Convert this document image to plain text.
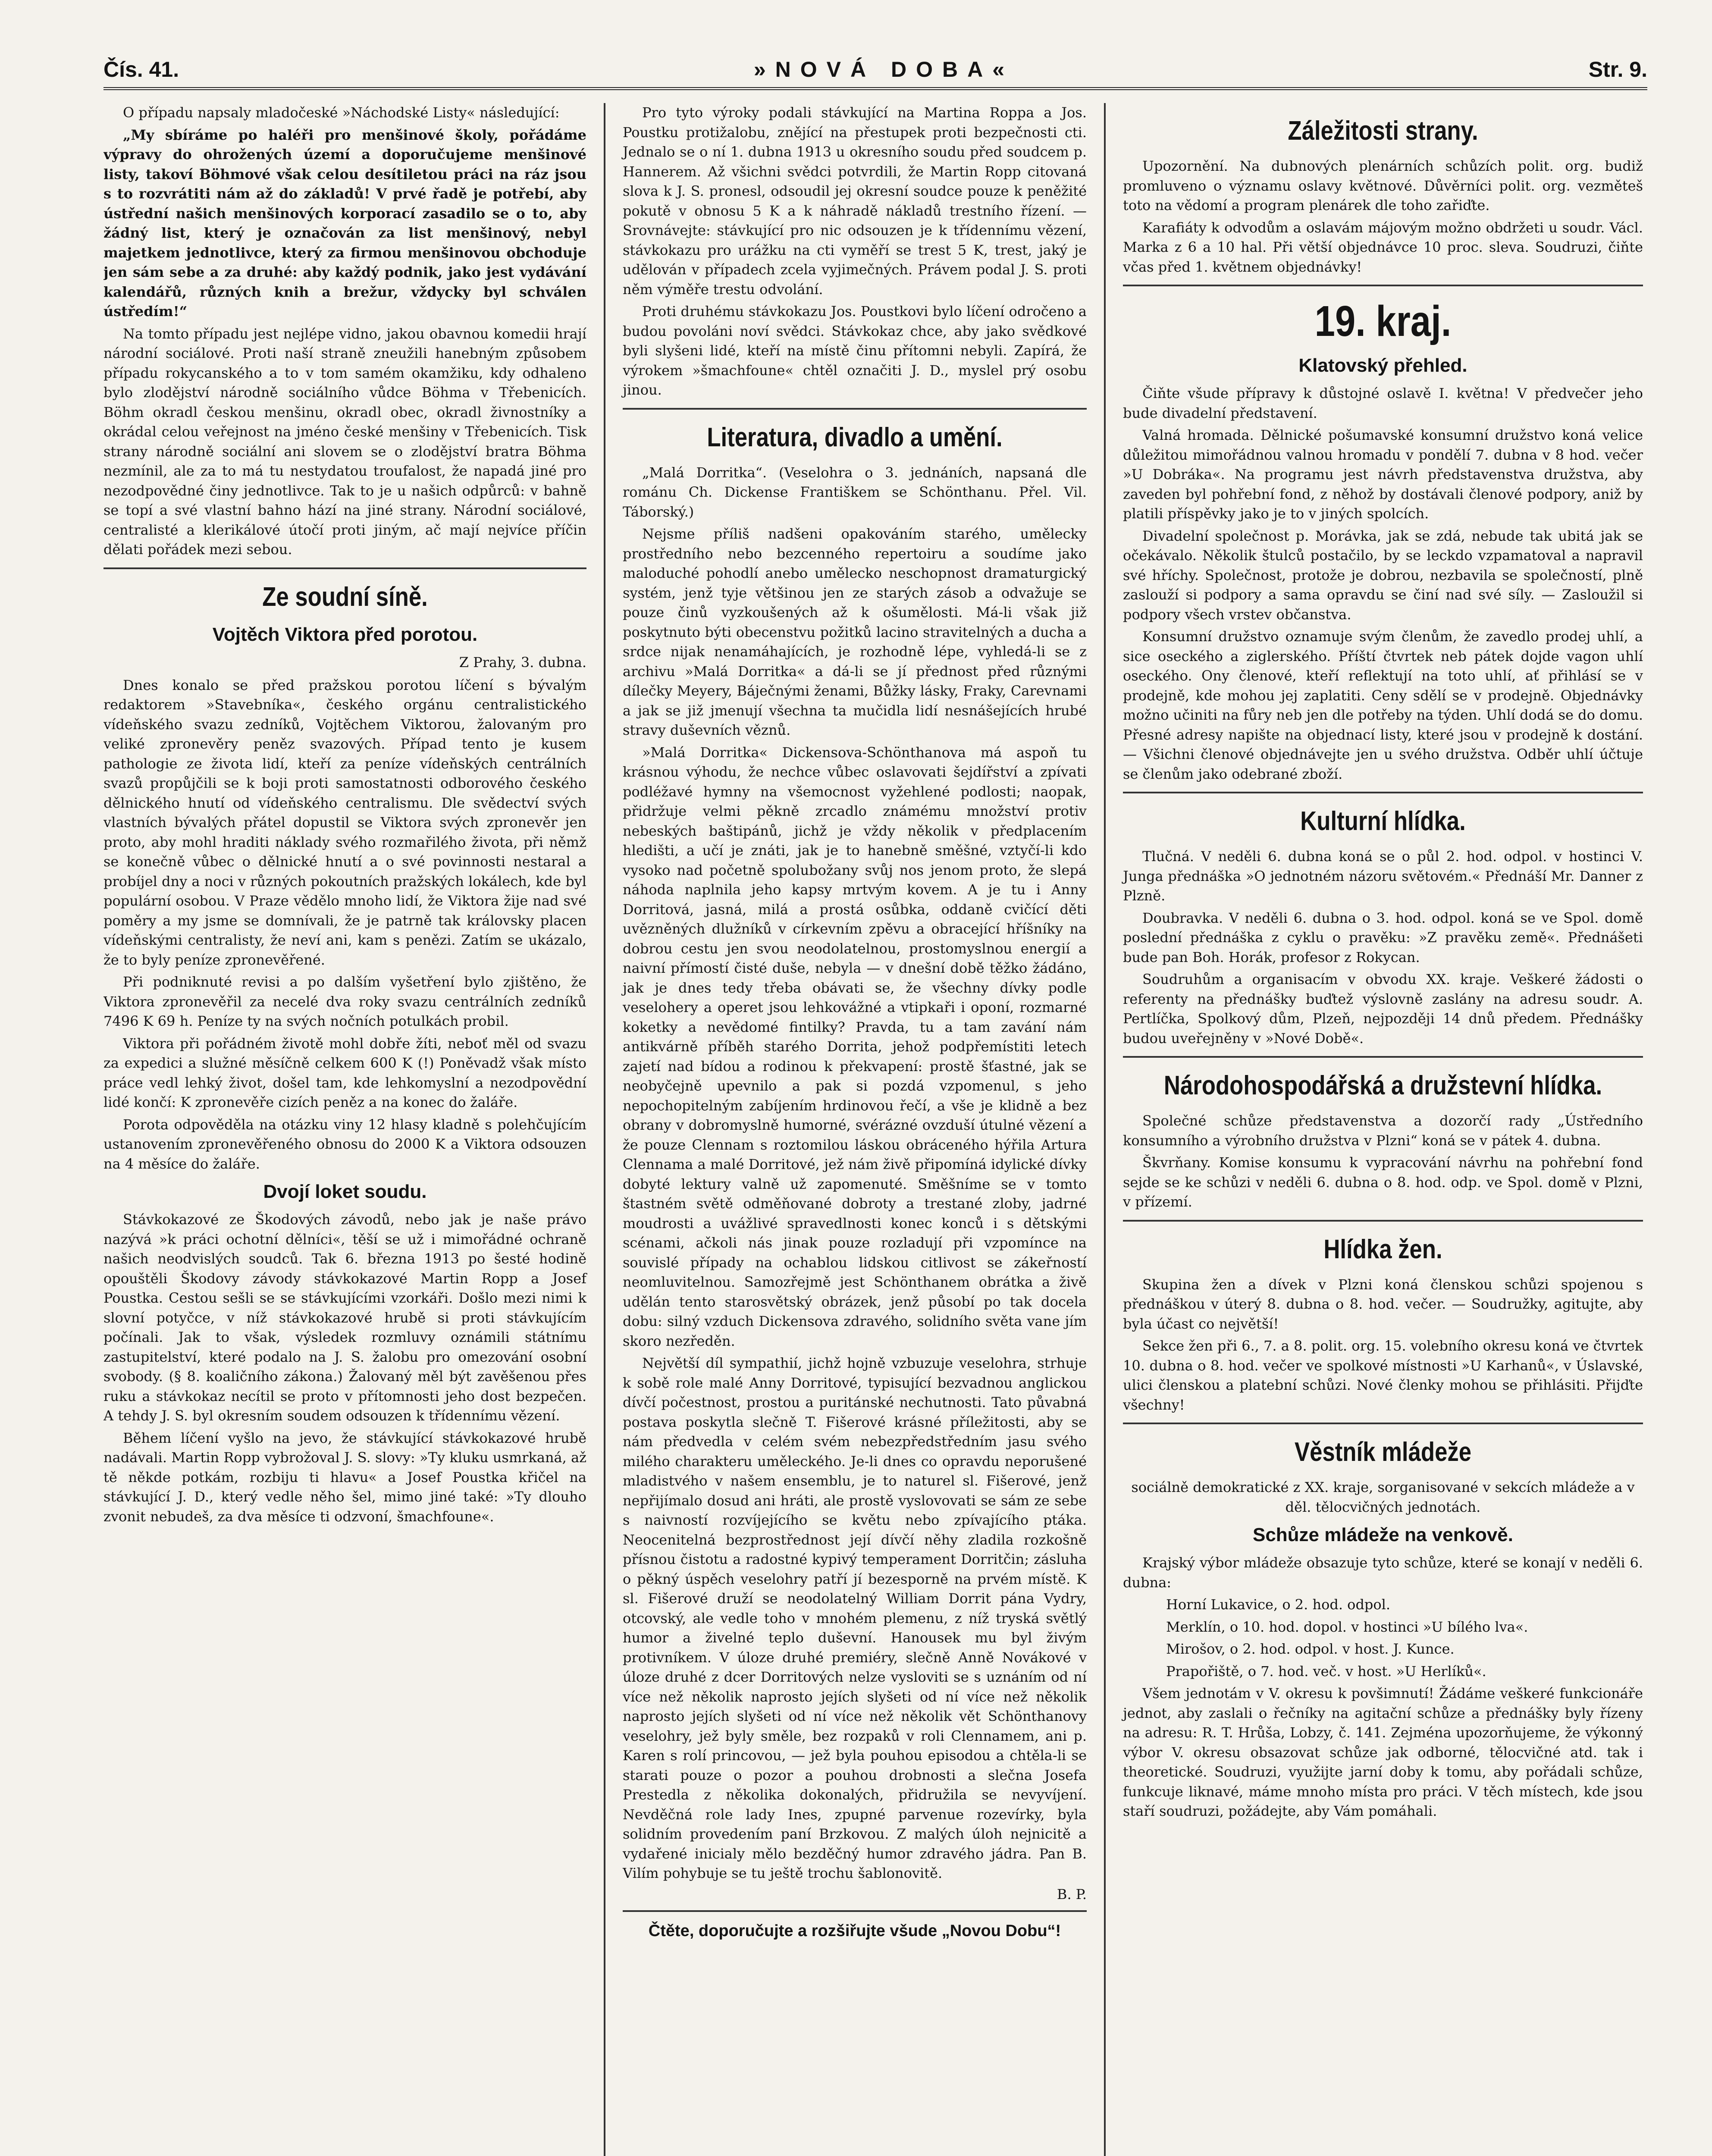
Čís. 41.	»NOVÁ DOBA«	Str. 9.

O případu napsaly mladočeské »Náchodské Listy« následující:

„My sbíráme po haléři pro menšinové školy, pořádáme výpravy do ohrožených území a doporučujeme menšinové listy, takoví Böhmové však celou desítiletou práci na ráz jsou s to rozvrátiti nám až do základů! V prvé řadě je potřebí, aby ústřední našich menšinových korporací zasadilo se o to, aby žádný list, který je označován za list menšinový, nebyl majetkem jednotlivce, který za firmou menšinovou obchoduje jen sám sebe a za druhé: aby každý podnik, jako jest vydávání kalendářů, různých knih a brežur, vždycky byl schválen ústředím!“

Na tomto případu jest nejlépe vidno, jakou obavnou komedii hrají národní sociálové. Proti naší straně zneužili hanebným způsobem případu rokycanského a to v tom samém okamžiku, kdy odhaleno bylo zlodějství národně sociálního vůdce Böhma v Třebenicích. Böhm okradl českou menšinu, okradl obec, okradl živnostníky a okrádal celou veřejnost na jméno české menšiny v Třebenicích. Tisk strany národně sociální ani slovem se o zlodějství bratra Böhma nezmínil, ale za to má tu nestydatou troufalost, že napadá jiné pro nezodpovědné činy jednotlivce. Tak to je u našich odpůrců: v bahně se topí a své vlastní bahno hází na jiné strany. Národní sociálové, centralisté a klerikálové útočí proti jiným, ač mají nejvíce příčin dělati pořádek mezi sebou.

Ze soudní síně.
Vojtěch Viktora před porotou.
Z Prahy, 3. dubna.

Dnes konalo se před pražskou porotou líčení s bývalým redaktorem »Stavebníka«, českého orgánu centralistického vídeňského svazu zedníků, Vojtěchem Viktorou, žalovaným pro veliké zpronevěry peněz svazových. Případ tento je kusem pathologie ze života lidí, kteří za peníze vídeňských centrálních svazů propůjčili se k boji proti samostatnosti odborového českého dělnického hnutí od vídeňského centralismu. Dle svědectví svých vlastních bývalých přátel dopustil se Viktora svých zpronevěr jen proto, aby mohl hraditi náklady svého rozmařilého života, při němž se konečně vůbec o dělnické hnutí a o své povinnosti nestaral a probíjel dny a noci v různých pokoutních pražských lokálech, kde byl populární osobou. V Praze vědělo mnoho lidí, že Viktora žije nad své poměry a my jsme se domnívali, že je patrně tak královsky placen vídeňskými centralisty, že neví ani, kam s penězi. Zatím se ukázalo, že to byly peníze zpronevěřené.

Při podniknuté revisi a po dalším vyšetření bylo zjištěno, že Viktora zpronevěřil za necelé dva roky svazu centrálních zedníků 7496 K 69 h. Peníze ty na svých nočních potulkách probil.

Viktora při pořádném životě mohl dobře žíti, neboť měl od svazu za expedici a služné měsíčně celkem 600 K (!) Poněvadž však místo práce vedl lehký život, došel tam, kde lehkomyslní a nezodpovědní lidé končí: K zpronevěře cizích peněz a na konec do žaláře.

Porota odpověděla na otázku viny 12 hlasy kladně s polehčujícím ustanovením zpronevěřeného obnosu do 2000 K a Viktora odsouzen na 4 měsíce do žaláře.

Dvojí loket soudu.

Stávkokazové ze Škodových závodů, nebo jak je naše právo nazývá »k práci ochotní dělníci«, těší se už i mimořádné ochraně našich neodvislých soudců. Tak 6. března 1913 po šesté hodině opouštěli Škodovy závody stávkokazové Martin Ropp a Josef Poustka. Cestou sešli se se stávkujícími vzorkáři. Došlo mezi nimi k slovní potyčce, v níž stávkokazové hrubě si proti stávkujícím počínali. Jak to však, výsledek rozmluvy oznámili státnímu zastupitelství, které podalo na J. S. žalobu pro omezování osobní svobody. (§ 8. koaličního zákona.) Žalovaný měl být zavěšenou přes ruku a stávkokaz necítil se proto v přítomnosti jeho dost bezpečen. A tehdy J. S. byl okresním soudem odsouzen k třídennímu vězení.

Během líčení vyšlo na jevo, že stávkující stávkokazové hrubě nadávali. Martin Ropp vybrožoval J. S. slovy: »Ty kluku usmrkaná, až tě někde potkám, rozbiju ti hlavu« a Josef Poustka křičel na stávkující J. D., který vedle něho šel, mimo jiné také: »Ty dlouho zvonit nebudeš, za dva měsíce ti odzvoní, šmachfoune«.

Pro tyto výroky podali stávkující na Martina Roppa a Jos. Poustku protižalobu, znějící na přestupek proti bezpečnosti cti. Jednalo se o ní 1. dubna 1913 u okresního soudu před soudcem p. Hannerem. Až všichni svědci potvrdili, že Martin Ropp citovaná slova k J. S. pronesl, odsoudil jej okresní soudce pouze k peněžité pokutě v obnosu 5 K a k náhradě nákladů trestního řízení. — Srovnávejte: stávkující pro nic odsouzen je k třídennímu vězení, stávkokazu pro urážku na cti vyměří se trest 5 K, trest, jaký je udělován v případech zcela vyjimečných. Právem podal J. S. proti něm výměře trestu odvolání.

Proti druhému stávkokazu Jos. Poustkovi bylo líčení odročeno a budou povoláni noví svědci. Stávkokaz chce, aby jako svědkové byli slyšeni lidé, kteří na místě činu přítomni nebyli. Zapírá, že výrokem »šmachfoune« chtěl označiti J. D., myslel prý osobu jinou.

Literatura, divadlo a umění.

„Malá Dorritka“. (Veselohra o 3. jednáních, napsaná dle románu Ch. Dickense Františkem se Schönthanu. Přel. Vil. Táborský.)

Nejsme příliš nadšeni opakováním starého, umělecky prostředního nebo bezcenného repertoiru a soudíme jako maloduché pohodlí anebo umělecko neschopnost dramaturgický systém, jenž tyje většinou jen ze starých zásob a odvažuje se pouze činů vyzkoušených až k ošumělosti. Má-li však již poskytnuto býti obecenstvu požitků lacino stravitelných a ducha a srdce nijak nenamáhajících, je rozhodně lépe, vyhledá-li se z archivu »Malá Dorritka« a dá-li se jí přednost před různými dílečky Meyery, Báječnými ženami, Bůžky lásky, Fraky, Carevnami a jak se již jmenují všechna ta mučidla lidí nesnášejících hrubé stravy duševních věznů.

»Malá Dorritka« Dickensova-Schönthanova má aspoň tu krásnou výhodu, že nechce vůbec oslavovati šejdířství a zpívati podléžavé hymny na všemocnost vyžehlené podlosti; naopak, přidržuje velmi pěkně zrcadlo známému množství protiv nebeských baštipánů, jichž je vždy několik v předplacením hledišti, a učí je znáti, jak je to hanebně směšné, vztyčí-li kdo vysoko nad početně spolubožany svůj nos jenom proto, že slepá náhoda naplnila jeho kapsy mrtvým kovem. A je tu i Anny Dorritová, jasná, milá a prostá osůbka, oddaně cvičící děti uvězněných dlužníků v církevním zpěvu a obracející hříšníky na dobrou cestu jen svou neodolatelnou, prostomyslnou energií a naivní přímostí čisté duše, nebyla — v dnešní době těžko žádáno, jak je dnes tedy třeba obávati se, že všechny dívky podle veselohery a operet jsou lehkovážné a vtipkaři i oponí, rozmarné koketky a nevědomé fintilky? Pravda, tu a tam zavání nám antikvárně příběh starého Dorrita, jehož podpřemístiti letech zajetí nad bídou a rodinou k překvapení: prostě šťastné, jak se neobyčejně upevnilo a pak si pozdá vzpomenul, s jeho nepochopitelným zabíjením hrdinovou řečí, a vše je klidně a bez obrany v dobromyslně humorné, svérázné ovzduší útulné vězení a že pouze Clennam s roztomilou láskou obráceného hýřila Artura Clennama a malé Dorritové, jež nám živě připomíná idylické dívky dobyté lektury valně už zapomenuté. Směšníme se v tomto štastném světě odměňované dobroty a trestané zloby, jadrné moudrosti a uvážlivé spravedlnosti konec konců i s dětskými scénami, ačkoli nás jinak pouze rozladují při vzpomínce na souvislé případy na ochablou lidskou citlivost se zákeřností neomluvitelnou. Samozřejmě jest Schönthanem obrátka a živě udělán tento starosvětský obrázek, jenž působí po tak docela dobu: silný vzduch Dickensova zdravého, solidního světa vane jím skoro nezředěn.

Největší díl sympathií, jichž hojně vzbuzuje veselohra, strhuje k sobě role malé Anny Dorritové, typisující bezvadnou anglickou dívčí počestnost, prostou a puritánské nechutnosti. Tato půvabná postava poskytla slečně T. Fišerové krásné příležitosti, aby se nám předvedla v celém svém nebezpředstředním jasu svého milého charakteru uměleckého. Je-li dnes co opravdu neporušené mladistvého v našem ensemblu, je to naturel sl. Fišerové, jenž nepřijímalo dosud ani hráti, ale prostě vyslovovati se sám ze sebe s naivností rozvíjejícího se květu nebo zpívajícího ptáka. Neocenitelná bezprostřednost její dívčí něhy zladila rozkošně přísnou čistotu a radostné kypivý temperament Dorritčin; zásluha o pěkný úspěch veselohry patří jí bezesporně na prvém místě. K sl. Fišerové druží se neodolatelný William Dorrit pána Vydry, otcovský, ale vedle toho v mnohém plemenu, z níž tryská světlý humor a živelné teplo duševní. Hanousek mu byl živým protivníkem. V úloze druhé premiéry, slečně Anně Novákové v úloze druhé z dcer Dorritových nelze vysloviti se s uznáním od ní více než několik naprosto jejích slyšeti od ní více než několik naprosto jejích slyšeti od ní více než několik vět Schönthanovy veselohry, jež byly směle, bez rozpaků v roli Clennamem, ani p. Karen s rolí princovou, — jež byla pouhou episodou a chtěla-li se starati pouze o pozor a pouhou drobnosti a slečna Josefa Prestedla z několika dokonalých, přidružila se nevyvíjení. Nevděčná role lady Ines, zpupné parvenue rozevírky, byla solidním provedením paní Brzkovou. Z malých úloh nejnicitě a vydařené inicialy mělo bezděčný humor zdravého jádra. Pan B. Vilím pohybuje se tu ještě trochu šablonovitě.

B. P.
Čtěte, doporučujte a rozšiřujte všude „Novou Dobu“!
Záležitosti strany.

Upozornění. Na dubnových plenárních schůzích polit. org. budiž promluveno o významu oslavy květnové. Důvěrníci polit. org. vezměteš toto na vědomí a program plenárek dle toho zařiďte.

Karafiáty k odvodům a oslavám májovým možno obdržeti u soudr. Václ. Marka z 6 a 10 hal. Při větší objednávce 10 proc. sleva. Soudruzi, čiňte včas před 1. květnem objednávky!

19. kraj.
Klatovský přehled.

Čiňte všude přípravy k důstojné oslavě I. května! V předvečer jeho bude divadelní představení.

Valná hromada. Dělnické pošumavské konsumní družstvo koná velice důležitou mimořádnou valnou hromadu v pondělí 7. dubna v 8 hod. večer »U Dobráka«. Na programu jest návrh představenstva družstva, aby zaveden byl pohřební fond, z něhož by dostávali členové podpory, aniž by platili příspěvky jako je to v jiných spolcích.

Divadelní společnost p. Morávka, jak se zdá, nebude tak ubitá jak se očekávalo. Několik štulců postačilo, by se leckdo vzpamatoval a napravil své hříchy. Společnost, protože je dobrou, nezbavila se společností, plně zaslouží si podpory a sama opravdu se činí nad své síly. — Zasloužil si podpory všech vrstev občanstva.

Konsumní družstvo oznamuje svým členům, že zavedlo prodej uhlí, a sice oseckého a ziglerského. Příští čtvrtek neb pátek dojde vagon uhlí oseckého. Ony členové, kteří reflektují na toto uhlí, ať přihlásí se v prodejně, kde mohou jej zaplatiti. Ceny sdělí se v prodejně. Objednávky možno učiniti na fůry neb jen dle potřeby na týden. Uhlí dodá se do domu. Přesné adresy napište na objednací listy, které jsou v prodejně k dostání. — Všichni členové objednávejte jen u svého družstva. Odběr uhlí účtuje se členům jako odebrané zboží.

Kulturní hlídka.

Tlučná. V neděli 6. dubna koná se o půl 2. hod. odpol. v hostinci V. Junga přednáška »O jednotném názoru světovém.« Přednáší Mr. Danner z Plzně.

Doubravka. V neděli 6. dubna o 3. hod. odpol. koná se ve Spol. domě poslední přednáška z cyklu o pravěku: »Z pravěku země«. Přednášeti bude pan Boh. Horák, profesor z Rokycan.

Soudruhům a organisacím v obvodu XX. kraje. Veškeré žádosti o referenty na přednášky buďtež výslovně zaslány na adresu soudr. A. Pertlíčka, Spolkový dům, Plzeň, nejpozději 14 dnů předem. Přednášky budou uveřejněny v »Nové Době«.

Národohospodářská a družstevní hlídka.

Společné schůze představenstva a dozorčí rady „Ústředního konsumního a výrobního družstva v Plzni“ koná se v pátek 4. dubna.

Škvrňany. Komise konsumu k vypracování návrhu na pohřební fond sejde se ke schůzi v neděli 6. dubna o 8. hod. odp. ve Spol. domě v Plzni, v přízemí.

Hlídka žen.

Skupina žen a dívek v Plzni koná členskou schůzi spojenou s přednáškou v úterý 8. dubna o 8. hod. večer. — Soudružky, agitujte, aby byla účast co největší!

Sekce žen při 6., 7. a 8. polit. org. 15. volebního okresu koná ve čtvrtek 10. dubna o 8. hod. večer ve spolkové místnosti »U Karhanů«, v Úslavské, ulici členskou a platební schůzi. Nové členky mohou se přihlásiti. Přijďte všechny!

Věstník mládeže

sociálně demokratické z XX. kraje, sorganisované v sekcích mládeže a v děl. tělocvičných jednotách.

Schůze mládeže na venkově.

Krajský výbor mládeže obsazuje tyto schůze, které se konají v neděli 6. dubna:

Horní Lukavice, o 2. hod. odpol.

Merklín, o 10. hod. dopol. v hostinci »U bílého lva«.

Mirošov, o 2. hod. odpol. v host. J. Kunce.

Prapořiště, o 7. hod. več. v host. »U Herlíků«.

Všem jednotám v V. okresu k povšimnutí! Žádáme veškeré funkcionáře jednot, aby zaslali o řečníky na agitační schůze a přednášky byly řízeny na adresu: R. T. Hrůša, Lobzy, č. 141. Zejména upozorňujeme, že výkonný výbor V. okresu obsazovat schůze jak odborné, tělocvičné atd. tak i theoretické. Soudruzi, využijte jarní doby k tomu, aby pořádali schůze, funkcuje liknavé, máme mnoho místa pro práci. V těch místech, kde jsou staří soudruzi, požádejte, aby Vám pomáhali.
